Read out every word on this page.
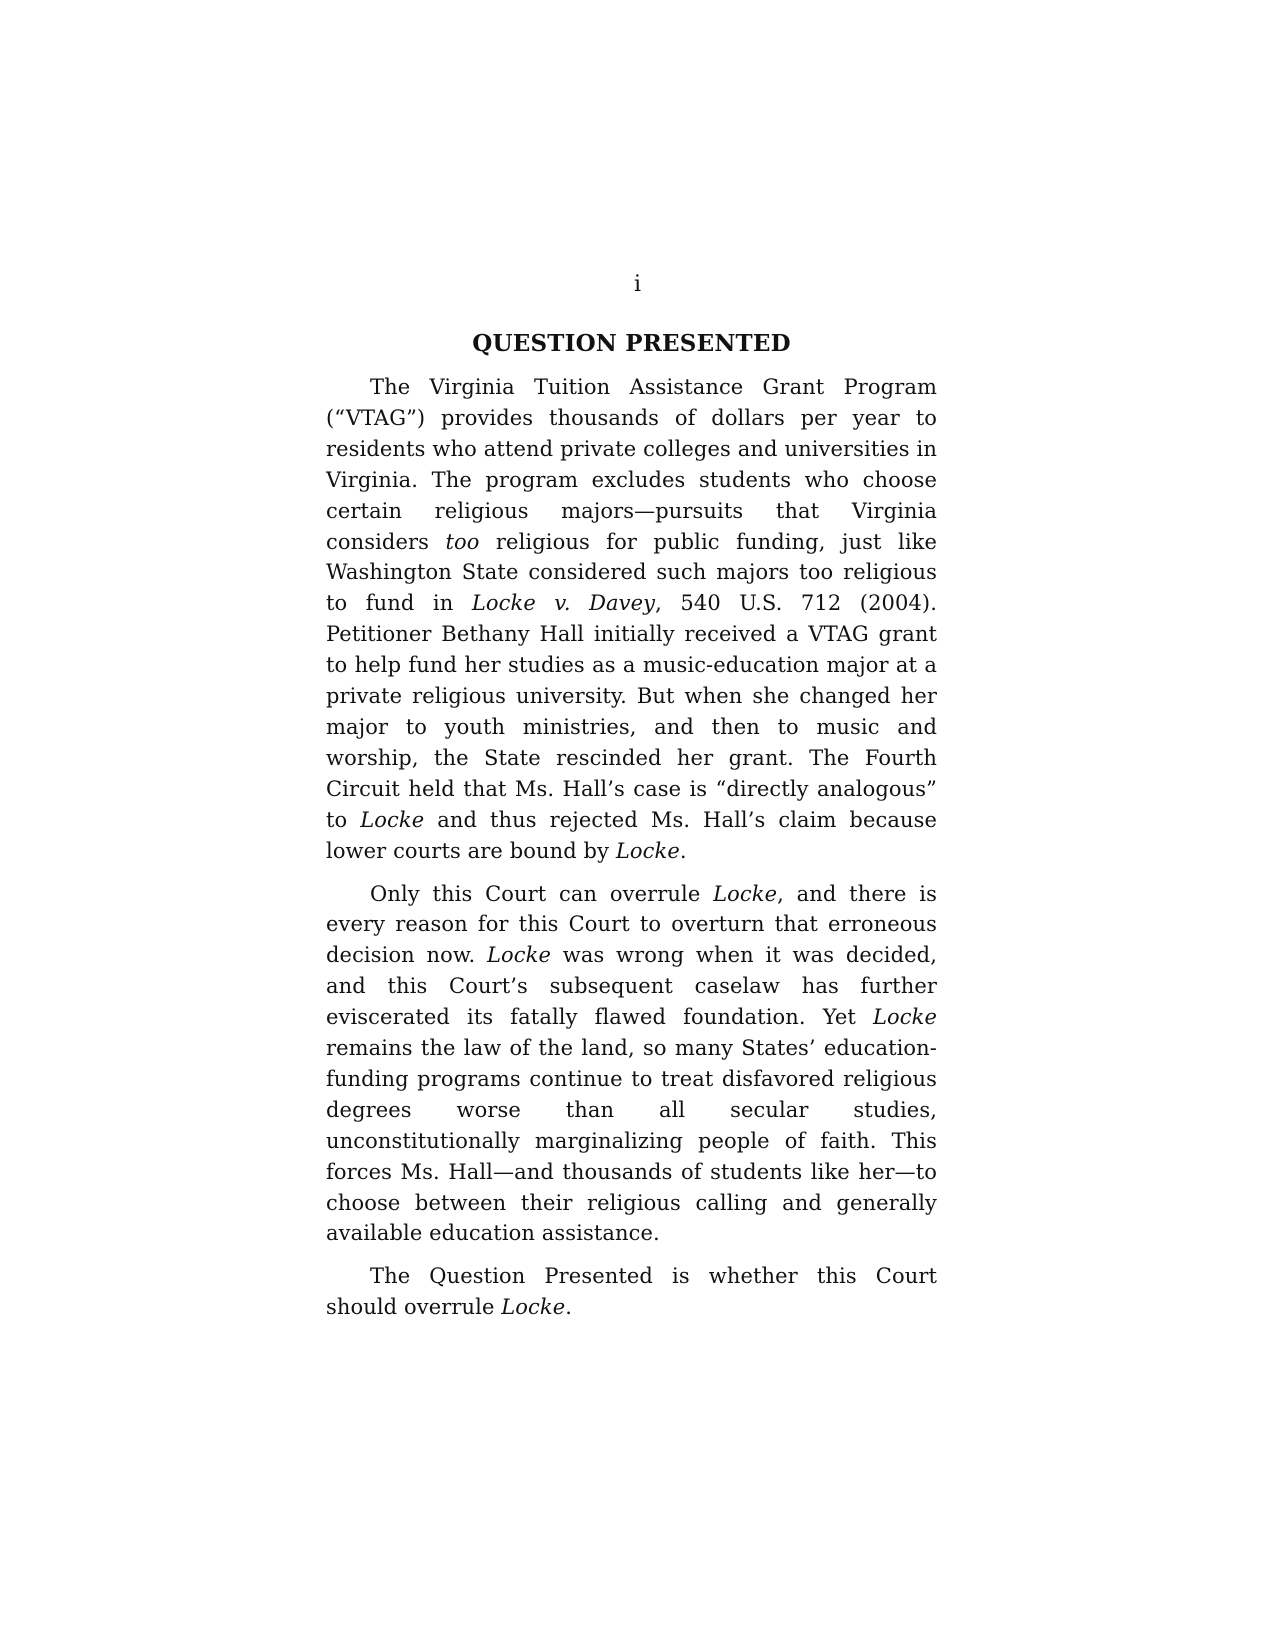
i
QUESTION PRESENTED

The Virginia Tuition Assistance Grant Program (“VTAG”) provides thousands of dollars per year to residents who attend private colleges and universities in Virginia. The program excludes students who choose certain religious majors—pursuits that Virginia considers too religious for public funding, just like Washington State considered such majors too religious to fund in Locke v. Davey, 540 U.S. 712 (2004). Petitioner Bethany Hall initially received a VTAG grant to help fund her studies as a music-education major at a private religious university. But when she changed her major to youth ministries, and then to music and worship, the State rescinded her grant. The Fourth Circuit held that Ms. Hall’s case is “directly analogous” to Locke and thus rejected Ms. Hall’s claim because lower courts are bound by Locke.

Only this Court can overrule Locke, and there is every reason for this Court to overturn that erroneous decision now. Locke was wrong when it was decided, and this Court’s subsequent caselaw has further eviscerated its fatally flawed foundation. Yet Locke remains the law of the land, so many States’ education-funding programs continue to treat disfavored religious degrees worse than all secular studies, unconstitutionally marginalizing people of faith. This forces Ms. Hall—and thousands of students like her—to choose between their religious calling and generally available education assistance.

The Question Presented is whether this Court should overrule Locke.
